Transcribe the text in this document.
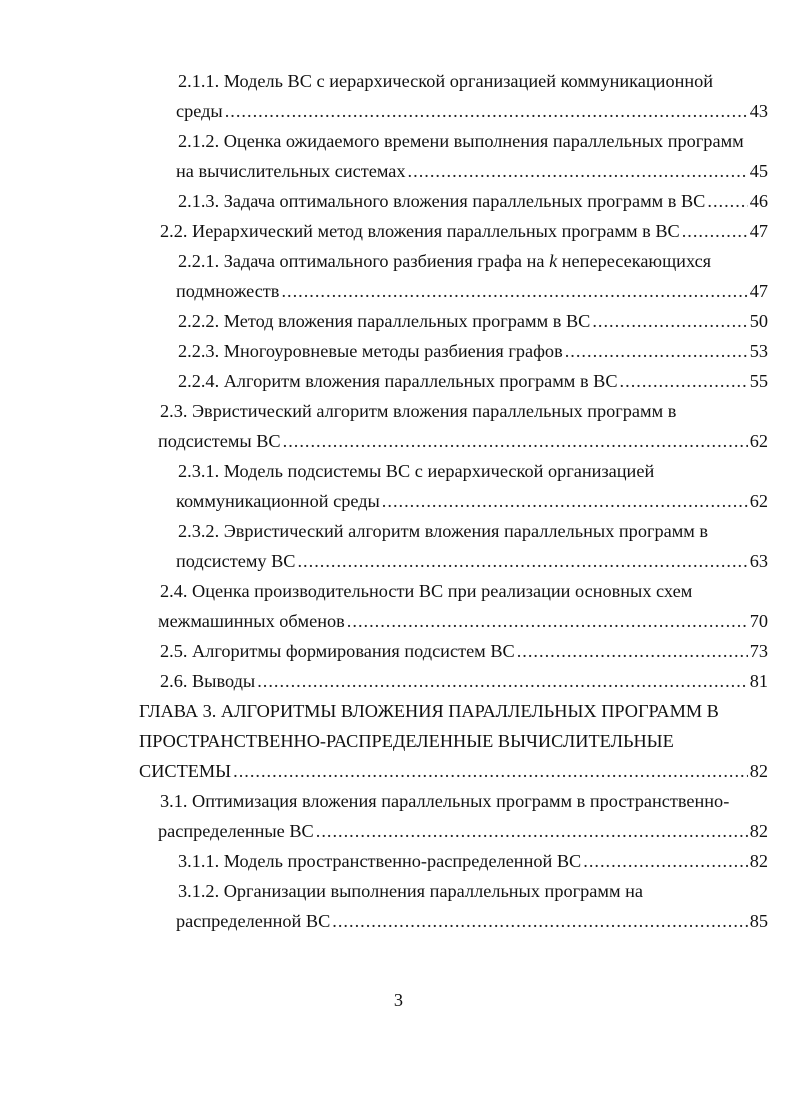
2.1.1. Модель ВС с иерархической организацией коммуникационной
среды .....	43
2.1.2. Оценка ожидаемого времени выполнения параллельных программ
на вычислительных системах .....	45
2.1.3. Задача оптимального вложения параллельных программ в ВС ..... 46
2.2. Иерархический метод вложения параллельных программ в ВС .....	47
2.2.1. Задача оптимального разбиения графа на k непересекающихся
подмножеств .....	47
2.2.2. Метод вложения параллельных программ в ВС .....	50
2.2.3. Многоуровневые методы разбиения графов .....	53
2.2.4. Алгоритм вложения параллельных программ в ВС .....	55
2.3. Эвристический алгоритм вложения параллельных программ в
подсистемы ВС .....	62
2.3.1. Модель подсистемы ВС с иерархической организацией
коммуникационной среды .....	62
2.3.2. Эвристический алгоритм вложения параллельных программ в
подсистему ВС .....	63
2.4. Оценка производительности ВС при реализации основных схем
межмашинных обменов .....	70
2.5. Алгоритмы формирования подсистем ВС .....	73
2.6. Выводы .....	81
ГЛАВА 3. АЛГОРИТМЫ ВЛОЖЕНИЯ ПАРАЛЛЕЛЬНЫХ ПРОГРАММ В
ПРОСТРАНСТВЕННО-РАСПРЕДЕЛЕННЫЕ ВЫЧИСЛИТЕЛЬНЫЕ
СИСТЕМЫ .....	82
3.1. Оптимизация вложения параллельных программ в пространственно-
распределенные ВС .....	82
3.1.1. Модель пространственно-распределенной ВС .....	82
3.1.2. Организации выполнения параллельных программ на
распределенной ВС .....	85
3
